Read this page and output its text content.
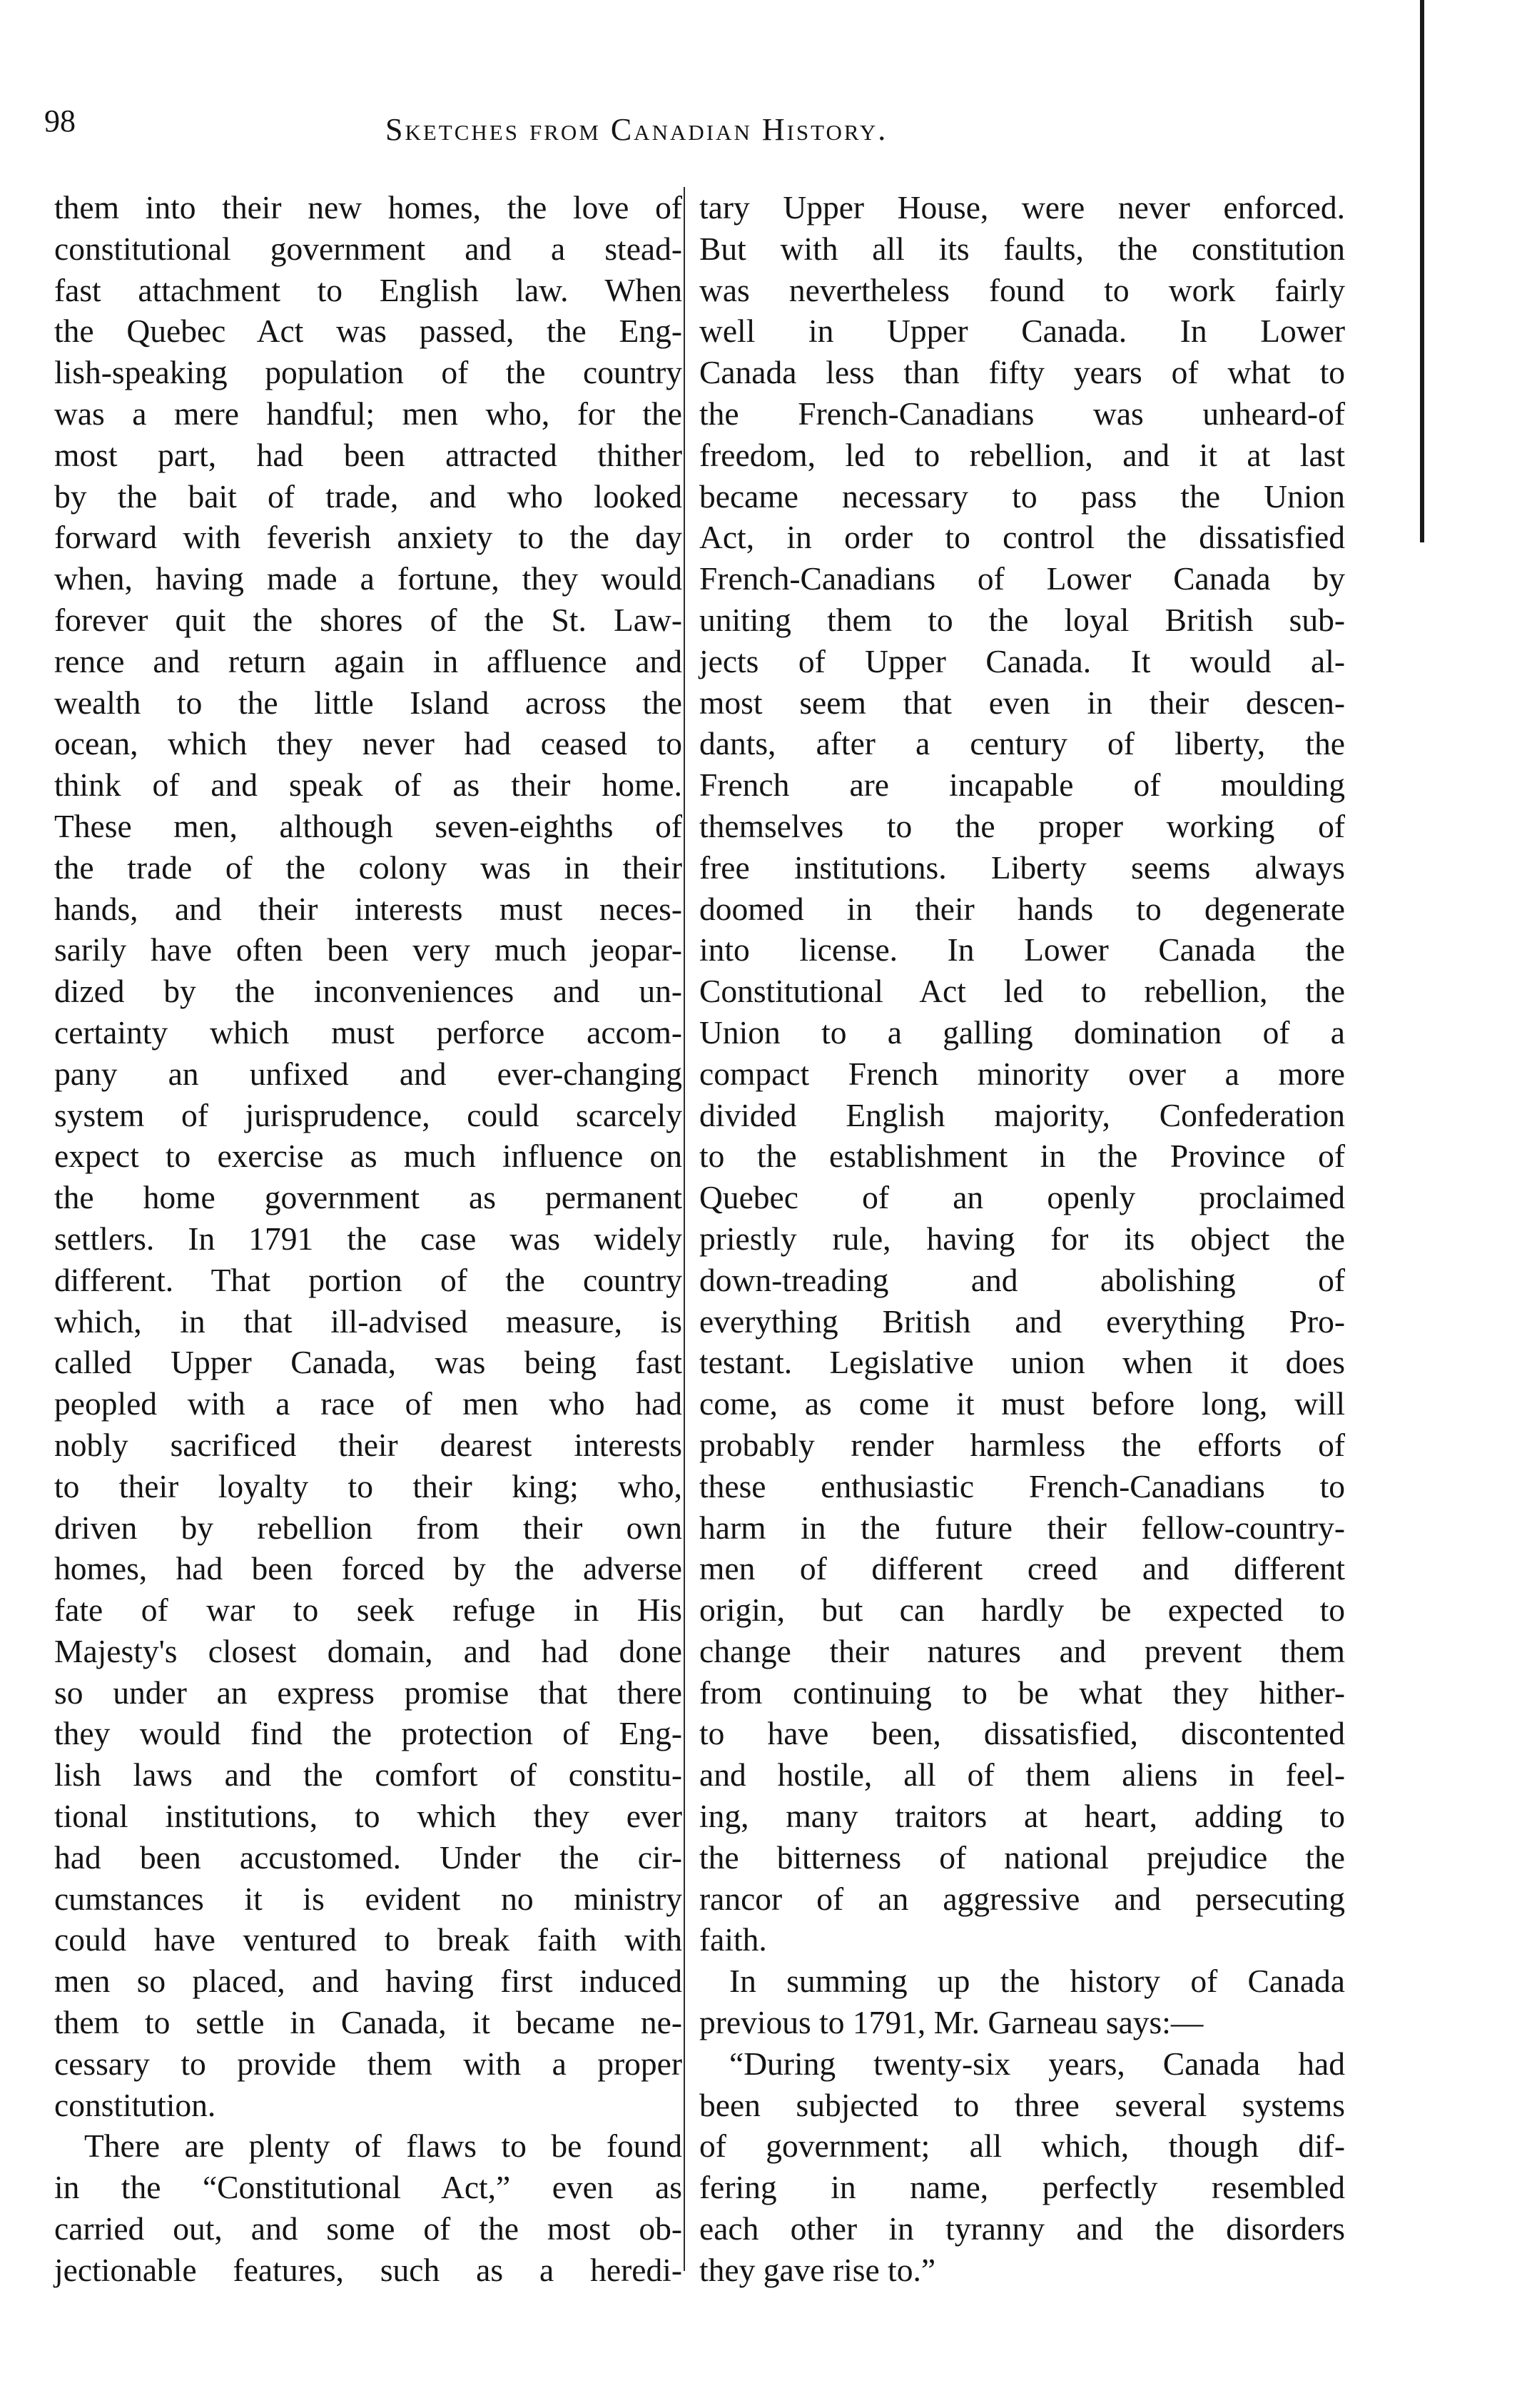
98	Sketches from Canadian History.
them into their new homes, the love of
constitutional government and a stead-
fast attachment to English law. When
the Quebec Act was passed, the Eng-
lish-speaking population of the country
was a mere handful; men who, for the
most part, had been attracted thither
by the bait of trade, and who looked
forward with feverish anxiety to the day
when, having made a fortune, they would
forever quit the shores of the St. Law-
rence and return again in affluence and
wealth to the little Island across the
ocean, which they never had ceased to
think of and speak of as their home.
These men, although seven-eighths of
the trade of the colony was in their
hands, and their interests must neces-
sarily have often been very much jeopar-
dized by the inconveniences and un-
certainty which must perforce accom-
pany an unfixed and ever-changing
system of jurisprudence, could scarcely
expect to exercise as much influence on
the home government as permanent
settlers. In 1791 the case was widely
different. That portion of the country
which, in that ill-advised measure, is
called Upper Canada, was being fast
peopled with a race of men who had
nobly sacrificed their dearest interests
to their loyalty to their king; who,
driven by rebellion from their own
homes, had been forced by the adverse
fate of war to seek refuge in His
Majesty's closest domain, and had done
so under an express promise that there
they would find the protection of Eng-
lish laws and the comfort of constitu-
tional institutions, to which they ever
had been accustomed. Under the cir-
cumstances it is evident no ministry
could have ventured to break faith with
men so placed, and having first induced
them to settle in Canada, it became ne-
cessary to provide them with a proper
constitution.
There are plenty of flaws to be found
in the “Constitutional Act,” even as
carried out, and some of the most ob-
jectionable features, such as a heredi-
tary Upper House, were never enforced.
But with all its faults, the constitution
was nevertheless found to work fairly
well in Upper Canada. In Lower
Canada less than fifty years of what to
the French-Canadians was unheard-of
freedom, led to rebellion, and it at last
became necessary to pass the Union
Act, in order to control the dissatisfied
French-Canadians of Lower Canada by
uniting them to the loyal British sub-
jects of Upper Canada. It would al-
most seem that even in their descen-
dants, after a century of liberty, the
French are incapable of moulding
themselves to the proper working of
free institutions. Liberty seems always
doomed in their hands to degenerate
into license. In Lower Canada the
Constitutional Act led to rebellion, the
Union to a galling domination of a
compact French minority over a more
divided English majority, Confederation
to the establishment in the Province of
Quebec of an openly proclaimed
priestly rule, having for its object the
down-treading and abolishing of
everything British and everything Pro-
testant. Legislative union when it does
come, as come it must before long, will
probably render harmless the efforts of
these enthusiastic French-Canadians to
harm in the future their fellow-country-
men of different creed and different
origin, but can hardly be expected to
change their natures and prevent them
from continuing to be what they hither-
to have been, dissatisfied, discontented
and hostile, all of them aliens in feel-
ing, many traitors at heart, adding to
the bitterness of national prejudice the
rancor of an aggressive and persecuting
faith.
In summing up the history of Canada
previous to 1791, Mr. Garneau says:—
“During twenty-six years, Canada had
been subjected to three several systems
of government; all which, though dif-
fering in name, perfectly resembled
each other in tyranny and the disorders
they gave rise to.”
